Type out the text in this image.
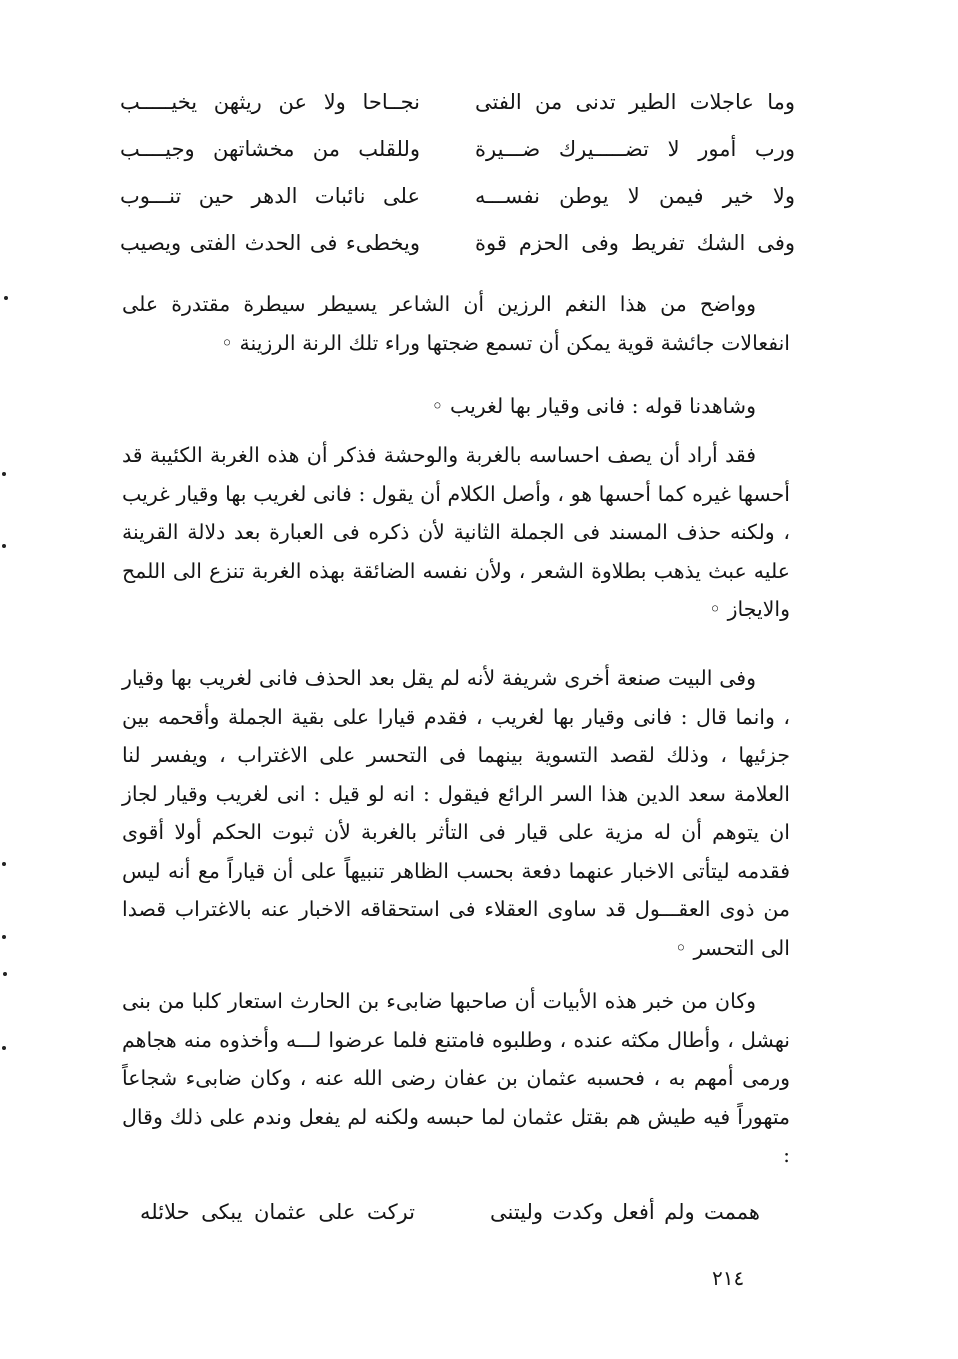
وما عاجلات الطير تدنى من الفتى
نجــاحا ولا عن ريثهن يخيـــــب
ورب أمور لا تضـــــيرك ضـــيرة
وللقلب من مخشاتهن وجيــــب
ولا خير فيمن لا يوطن نفســـه
على نائبات الدهر حين تنـــوب
وفى الشك تفريط وفى الحزم قوة
ويخطىء فى الحدث الفتى ويصيب

وواضح من هذا النغم الرزين أن الشاعر يسيطر سيطرة مقتدرة على انفعالات جائشة قوية يمكن أن تسمع ضجتها وراء تلك الرنة الرزينة ◦

وشاهدنا قوله : فانى وقيار بها لغريب ◦

فقد أراد أن يصف احساسه بالغربة والوحشة فذكر أن هذه الغربة الكئيبة قد أحسها غيره كما أحسها هو ، وأصل الكلام أن يقول : فانى لغريب بها وقيار غريب ، ولكنه حذف المسند فى الجملة الثانية لأن ذكره فى العبارة بعد دلالة القرينة عليه عبث يذهب بطلاوة الشعر ، ولأن نفسه الضائقة بهذه الغربة تنزع الى اللمح والايجاز ◦

وفى البيت صنعة أخرى شريفة لأنه لم يقل بعد الحذف فانى لغريب بها وقيار ، وانما قال : فانى وقيار بها لغريب ، فقدم قيارا على بقية الجملة وأقحمه بين جزئيها ، وذلك لقصد التسوية بينهما فى التحسر على الاغتراب ، ويفسر لنا العلامة سعد الدين هذا السر الرائع فيقول : انه لو قيل : انى لغريب وقيار لجاز ان يتوهم أن له مزية على قيار فى التأثر بالغربة لأن ثبوت الحكم أولا أقوى فقدمه ليتأتى الاخبار عنهما دفعة بحسب الظاهر تنبيهاً على أن قياراً مع أنه ليس من ذوى العقـــول قد ساوى العقلاء فى استحقاقه الاخبار عنه بالاغتراب قصدا الى التحسر ◦

وكان من خبر هذه الأبيات أن صاحبها ضابىء بن الحارث استعار كلبا من بنى نهشل ، وأطال مكثه عنده ، وطلبوه فامتنع فلما عرضوا لـــه وأخذوه منه هجاهم ورمى أمهم به ، فحسبه عثمان بن عفان رضى الله عنه ، وكان ضابىء شجاعاً متهوراً فيه طيش هم بقتل عثمان لما حبسه ولكنه لم يفعل وندم على ذلك وقال :

هممت ولم أفعل وكدت وليتنى
تركت على عثمان يبكى حلائله
٢١٤
